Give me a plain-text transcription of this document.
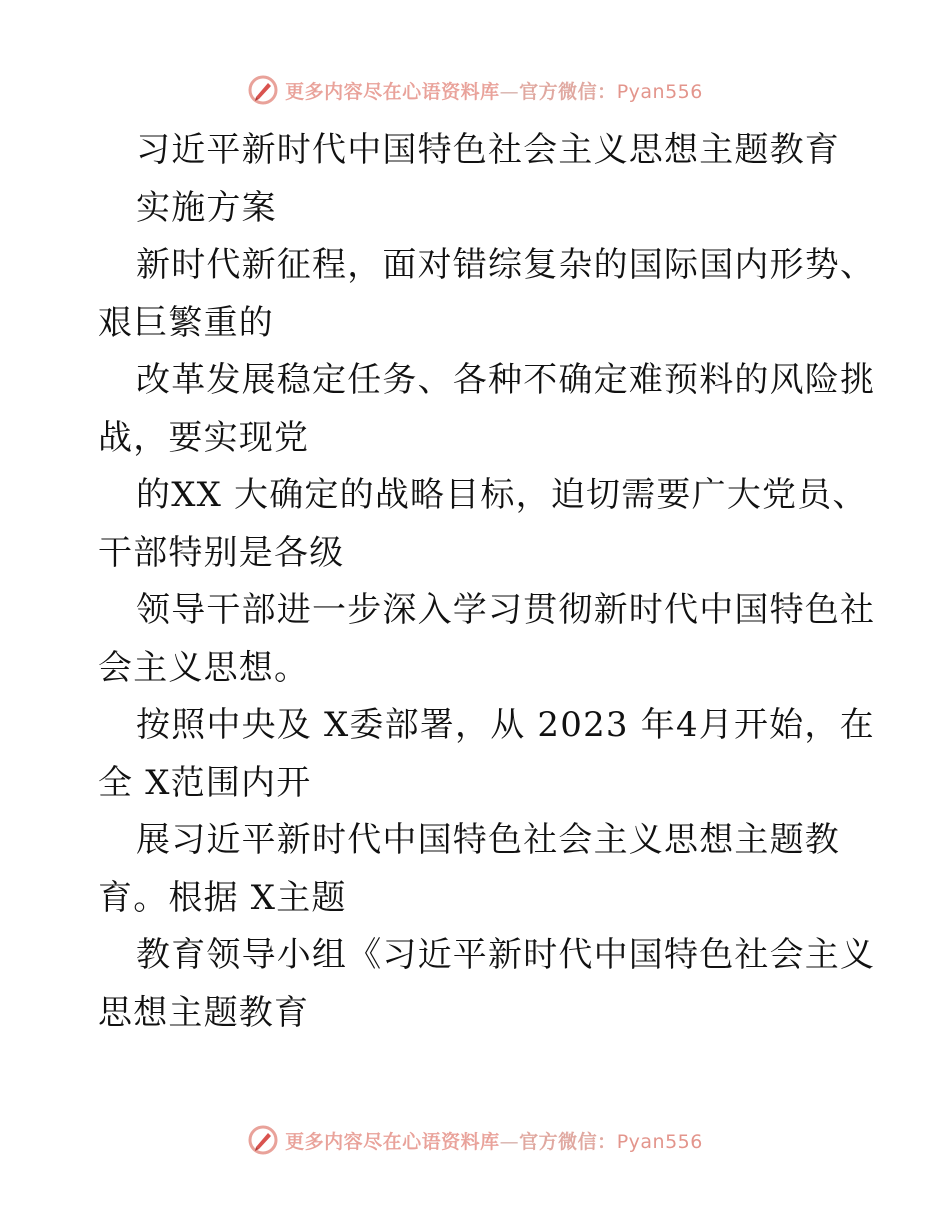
更多内容尽在心语资料库—官方微信：Pyan556
习近平新时代中国特色社会主义思想主题教育
实施方案
新时代新征程，面对错综复杂的国际国内形势、
艰巨繁重的
改革发展稳定任务、各种不确定难预料的风险挑
战，要实现党
的XX 大确定的战略目标，迫切需要广大党员、
干部特别是各级
领导干部进一步深入学习贯彻新时代中国特色社
会主义思想。
按照中央及 X委部署，从 2023 年4月开始，在
全 X范围内开
展习近平新时代中国特色社会主义思想主题教
育。根据 X主题
教育领导小组《习近平新时代中国特色社会主义
思想主题教育
更多内容尽在心语资料库—官方微信：Pyan556
